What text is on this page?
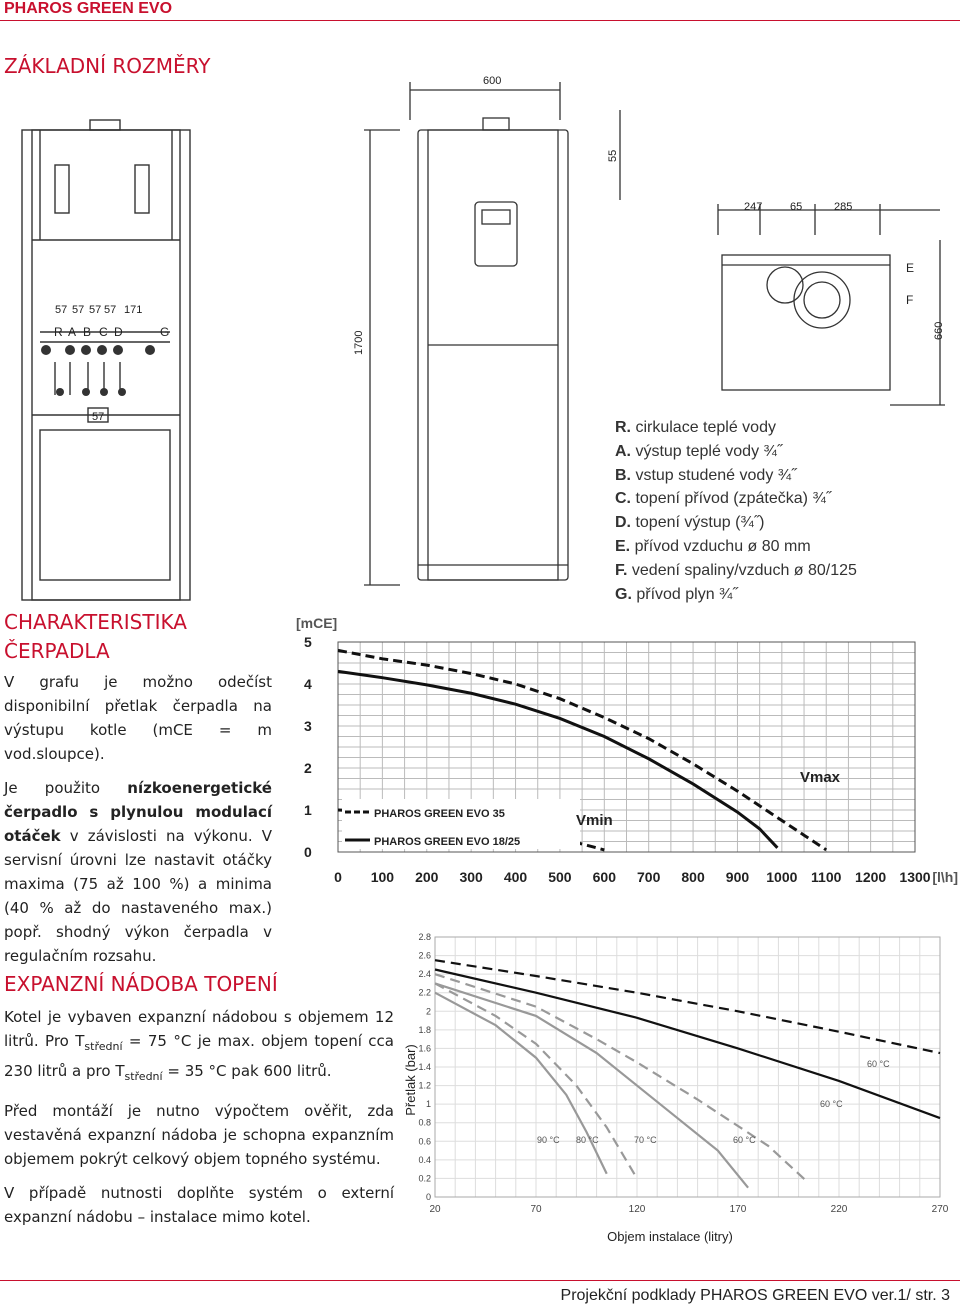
PHAROS GREEN EVO
ZÁKLADNÍ ROZMĚRY
57 57 57 57 171
57
R A B C D	G
600
1700
55
247	65	285
E
F
660
R. cirkulace teplé vody
A. výstup teplé vody ¾˝
B. vstup studené vody ¾˝
C. topení přívod (zpátečka) ¾˝
D. topení výstup (¾˝)
E. přívod vzduchu ø 80 mm
F. vedení spaliny/vzduch ø 80/125
G. přívod plyn ¾˝
CHARAKTERISTIKA
ČERPADLA
V grafu je možno odečíst disponibilní přetlak čerpadla na výstupu kotle (mCE = m vod.sloupce).
Je použito nízkoenergetické čerpadlo s plynulou modulací otáček v závislosti na výkonu. V servisní úrovni lze nastavit otáčky maxima (75 až 100 %) a minima (40 % až do nastaveného max.) popř. shodný výkon čerpadla v regulačním rozsahu.
[mCE]
0
1
2
3
4
5
0 100 200 300 400 500 600 700 800 900 1000 1100 1200 1300 [l\h]
PHAROS GREEN EVO 35
PHAROS GREEN EVO 18/25
Vmax
Vmin
EXPANZNÍ NÁDOBA TOPENÍ
Kotel je vybaven expanzní nádobou s objemem 12 litrů. Pro $T_{střední} = 75$ °C je max. objem topení cca 230 litrů a pro $T_{střední} = 35$ °C pak 600 litrů.
Před montáží je nutno výpočtem ověřit, zda vestavěná expanzní nádoba je schopna expanzním objemem pokrýt celkový objem topného systému.
V případě nutnosti doplňte systém o externí expanzní nádobu – instalace mimo kotel.
0
0.2
0.4
0.6
0.8
1
1.2
1.4
1.6
1.8
2
2.2
2.4
2.6
2.8
20	70	120	170	220	270
Přetlak (bar)
Objem instalace (litry)
90 °C 80 °C	70 °C	60 °C
60 °C
60 °C
Projekční podklady PHAROS GREEN EVO ver.1/ str. 3
